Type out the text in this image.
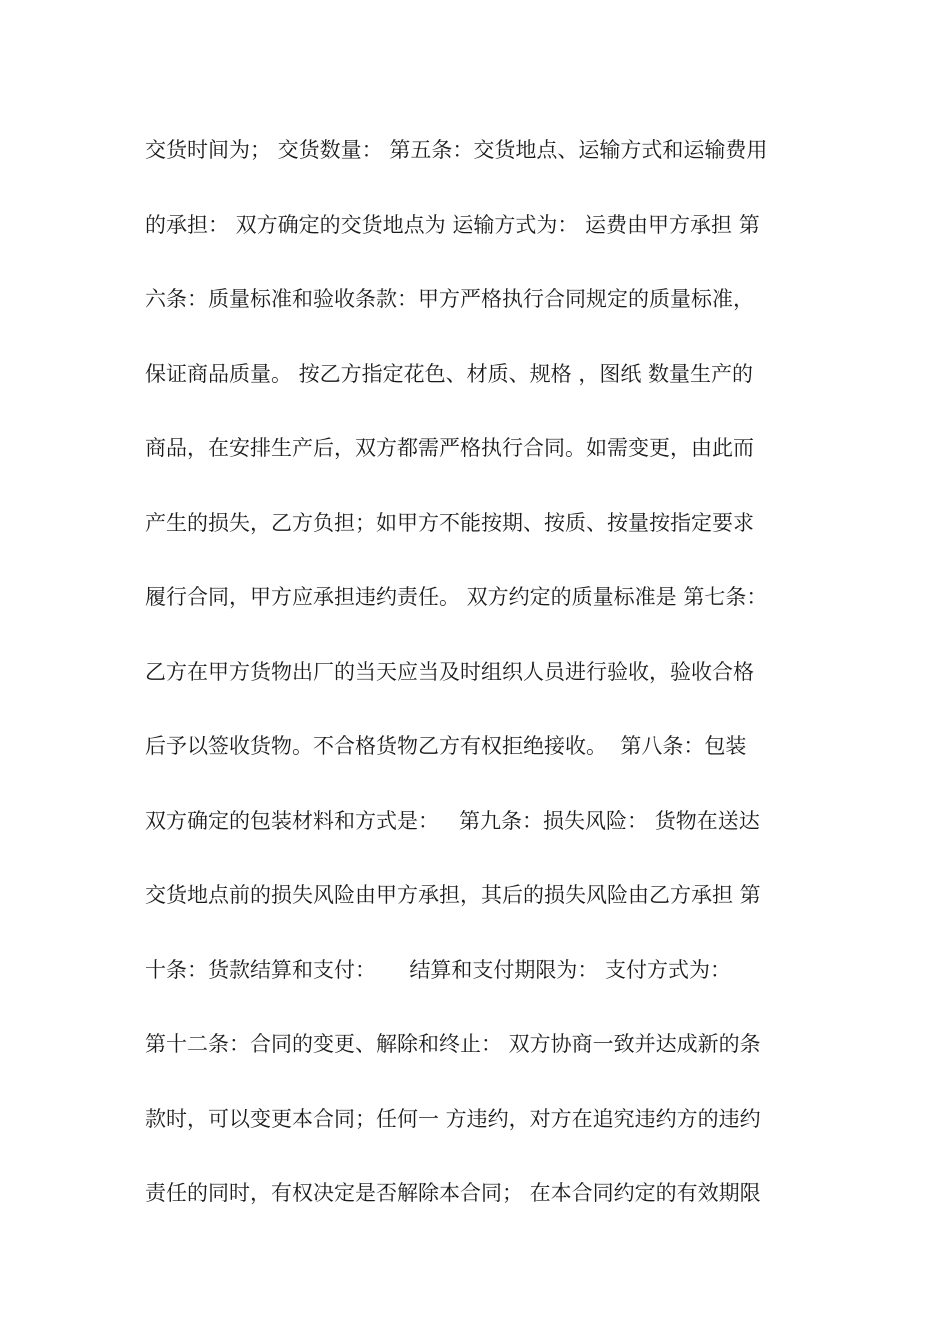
交货时间为； 交货数量： 第五条：交货地点、运输方式和运输费用
的承担： 双方确定的交货地点为 运输方式为： 运费由甲方承担 第
六条：质量标准和验收条款：甲方严格执行合同规定的质量标准，
保证商品质量。 按乙方指定花色、材质、规格 ，图纸 数量生产的
商品，在安排生产后，双方都需严格执行合同。如需变更，由此而
产生的损失，乙方负担；如甲方不能按期、按质、按量按指定要求
履行合同，甲方应承担违约责任。 双方约定的质量标准是 第七条：
乙方在甲方货物出厂的当天应当及时组织人员进行验收，验收合格
后予以签收货物。不合格货物乙方有权拒绝接收。  第八条：包装
双方确定的包装材料和方式是：   第九条：损失风险： 货物在送达
交货地点前的损失风险由甲方承担，其后的损失风险由乙方承担 第
十条：货款结算和支付：     结算和支付期限为： 支付方式为：
第十二条：合同的变更、解除和终止： 双方协商一致并达成新的条
款时，可以变更本合同；任何一 方违约，对方在追究违约方的违约
责任的同时，有权决定是否解除本合同； 在本合同约定的有效期限
